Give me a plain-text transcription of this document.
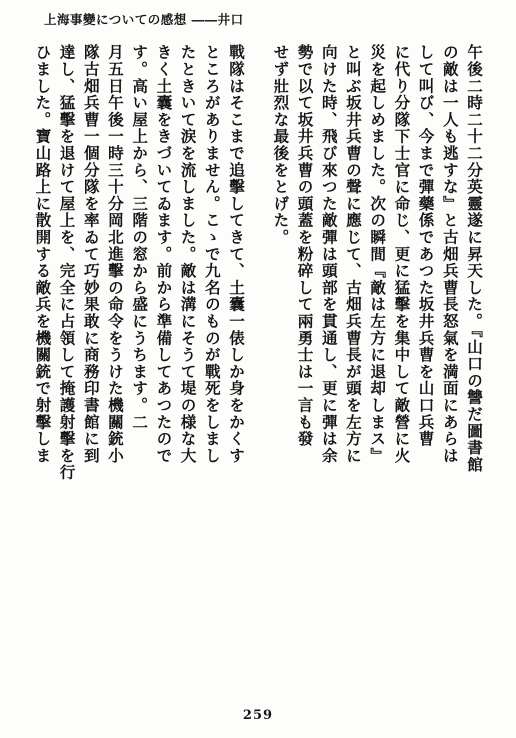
上海事變についての感想 ――井口
午後二時二十二分英靈遂に昇天した。『山口の讐だ圖書館
の敵は一人も逃すな』と古畑兵曹長怒氣を満面にあらは
して叫び、今まで彈藥係であつた坂井兵曹を山口兵曹
に代り分隊下士官に命じ、更に猛擊を集中して敵營に火
災を起しめました。次の瞬間『敵は左方に退却しまス』
と叫ぶ坂井兵曹の聲に應じて、古畑兵曹長が頭を左方に
向けた時、飛び來つた敵彈は頭部を貫通し、更に彈は余
勢で以て坂井兵曹の頭蓋を粉碎して兩勇士は一言も發
せず壯烈な最後をとげた。
戰隊はそこまで追擊してきて、土囊一俵しか身をかくす
ところがありません。こゝで九名のものが戰死をしまし
たときいて涙を流しました。敵は溝にそうて堤の様な大
きく土囊をきづいてゐます。前から準備してあつたので
す。高い屋上から、三階の窓から盛にうちます。二
月五日午後一時三十分岡北進擊の命令をうけた機關銃小
隊古畑兵曹一個分隊を率ゐて巧妙果敢に商務印書館に到
達し、猛擊を退けて屋上を、完全に占領して掩護射擊を行
ひました。寶山路上に散開する敵兵を機關銃で射擊しま
259
